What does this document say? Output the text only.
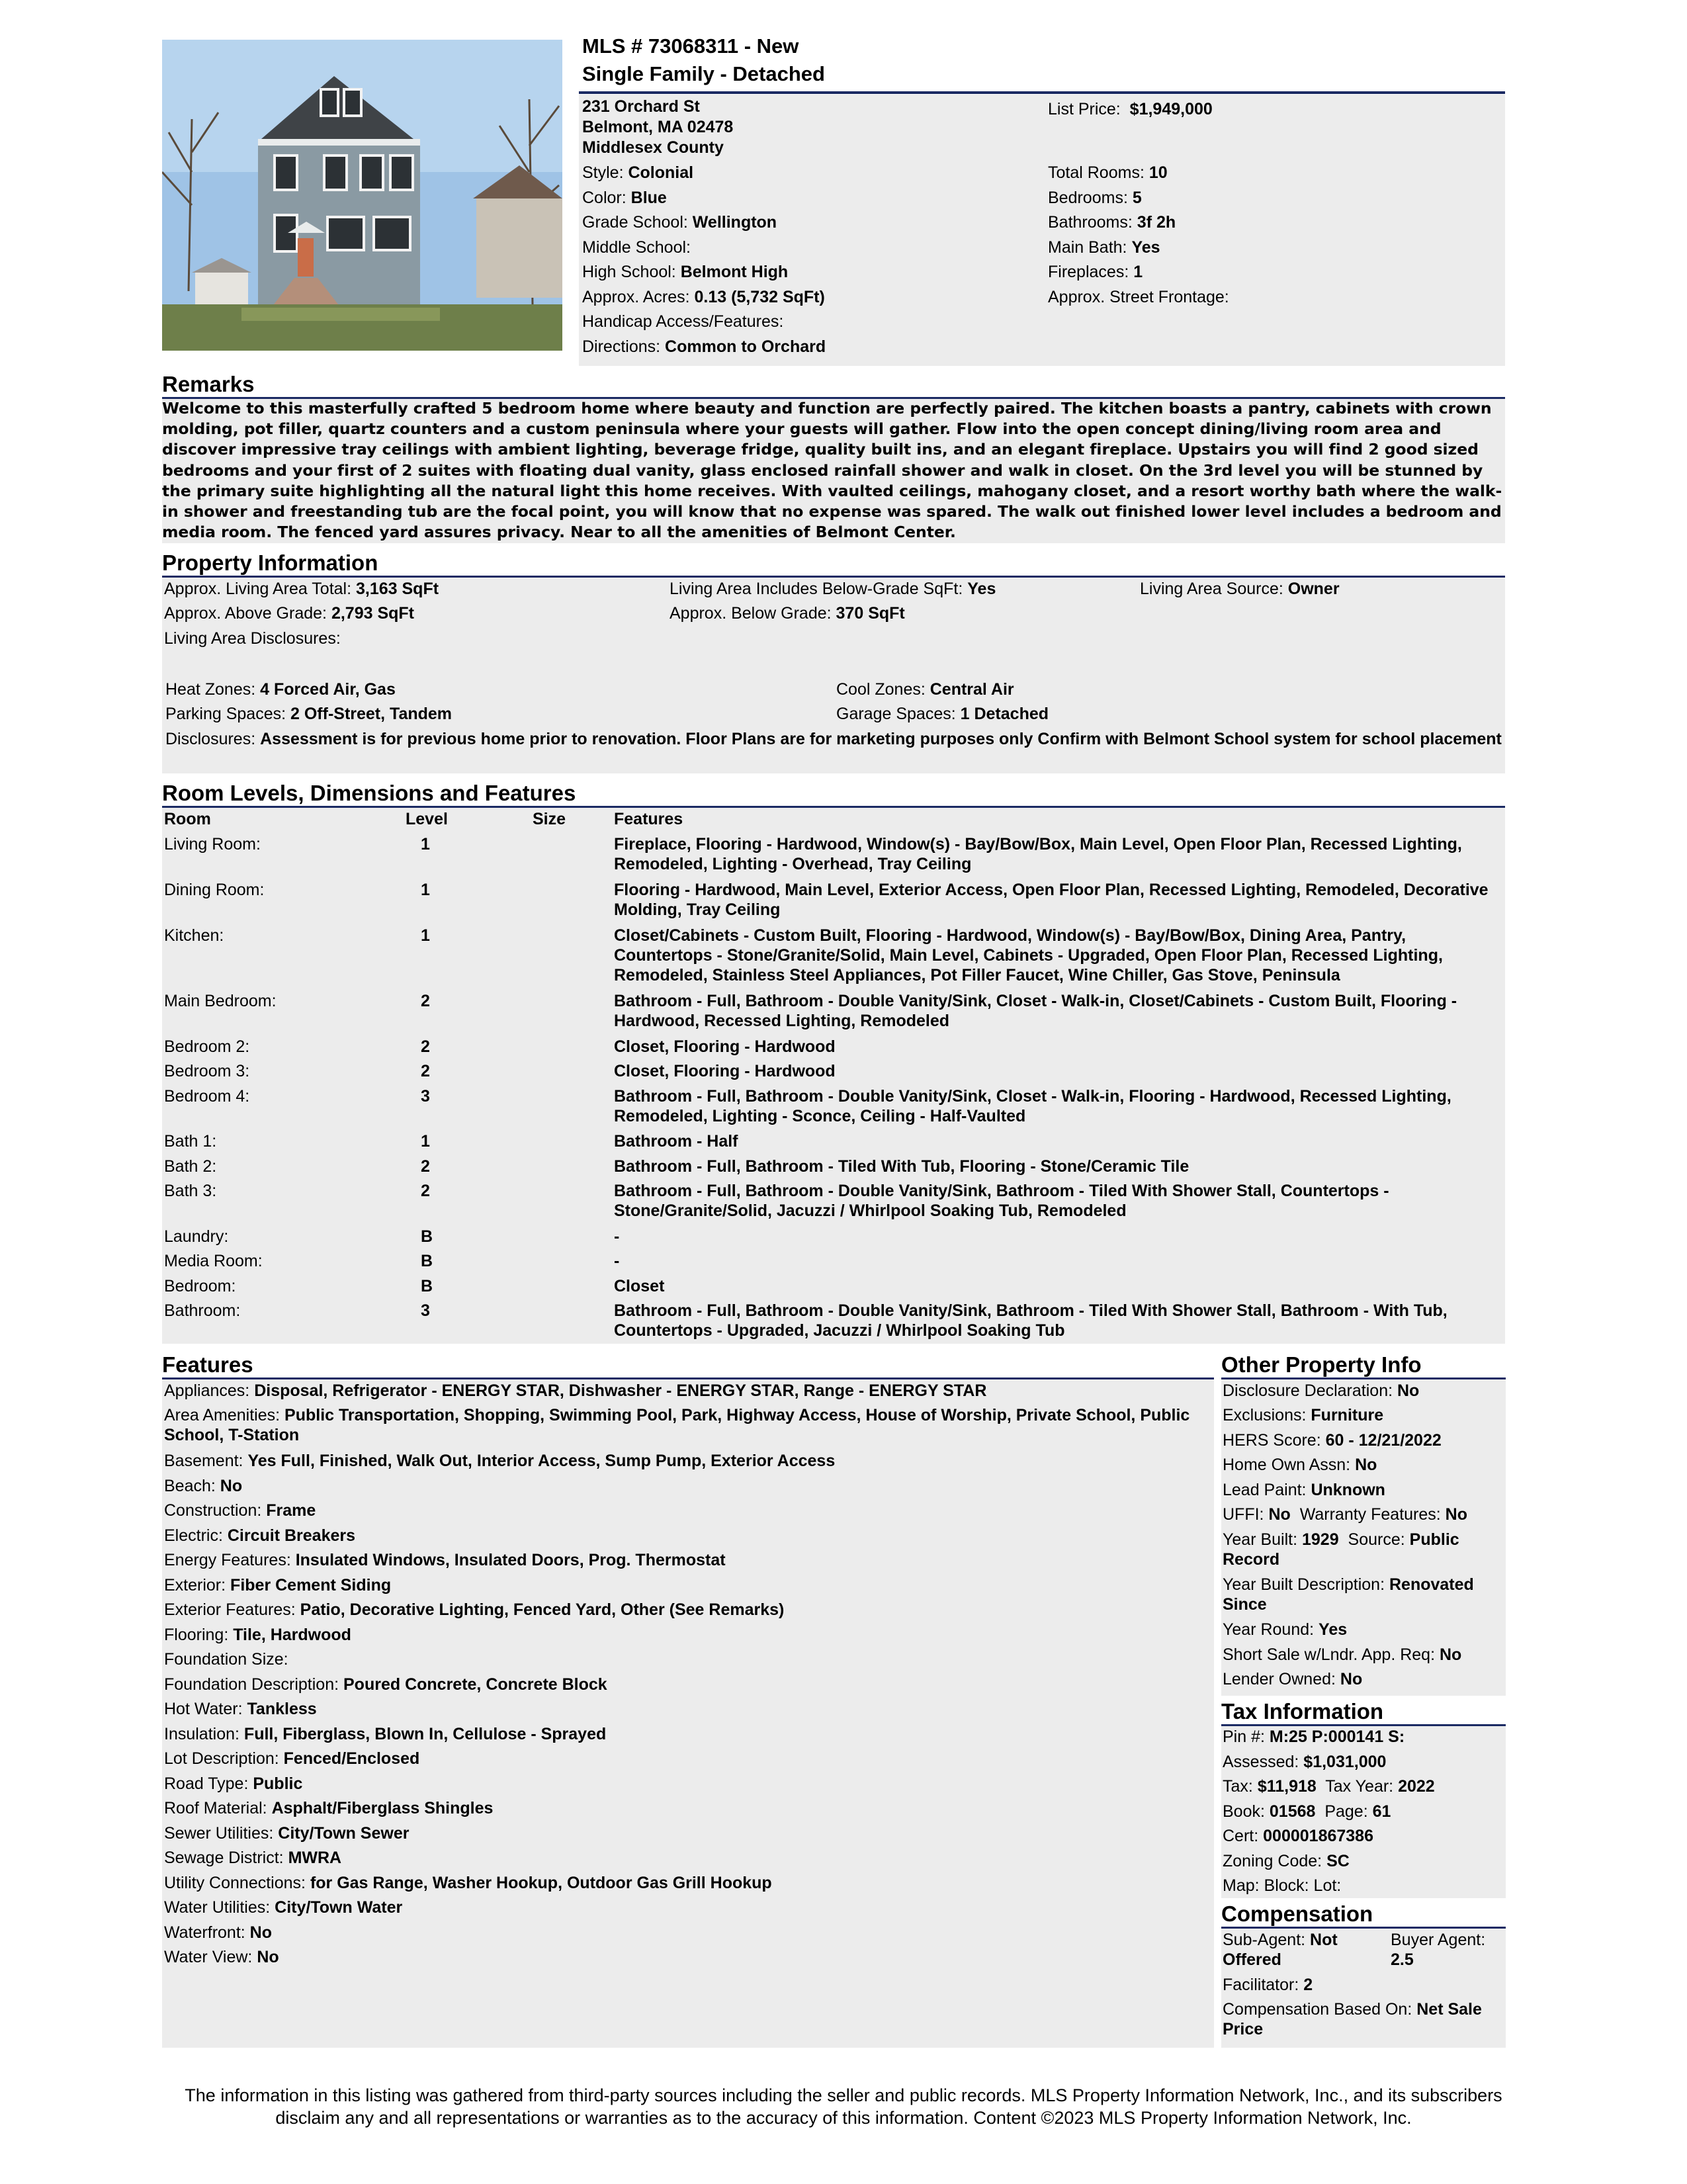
MLS # 73068311 - New
Single Family - Detached
231 Orchard St
Belmont, MA 02478
Middlesex County
List Price: $1,949,000
Style: Colonial
Color: Blue
Grade School: Wellington
Middle School:
High School: Belmont High
Approx. Acres: 0.13 (5,732 SqFt)
Handicap Access/Features:
Directions: Common to Orchard
Total Rooms: 10
Bedrooms: 5
Bathrooms: 3f 2h
Main Bath: Yes
Fireplaces: 1
Approx. Street Frontage:
Remarks
Welcome to this masterfully crafted 5 bedroom home where beauty and function are perfectly paired. The kitchen boasts a pantry, cabinets with crown molding, pot filler, quartz counters and a custom peninsula where your guests will gather. Flow into the open concept dining/living room area and discover impressive tray ceilings with ambient lighting, beverage fridge, quality built ins, and an elegant fireplace. Upstairs you will find 2 good sized bedrooms and your first of 2 suites with floating dual vanity, glass enclosed rainfall shower and walk in closet. On the 3rd level you will be stunned by the primary suite highlighting all the natural light this home receives. With vaulted ceilings, mahogany closet, and a resort worthy bath where the walk-in shower and freestanding tub are the focal point, you will know that no expense was spared. The walk out finished lower level includes a bedroom and media room. The fenced yard assures privacy. Near to all the amenities of Belmont Center.
Property Information
Approx. Living Area Total: 3,163 SqFt	Living Area Includes Below-Grade SqFt: Yes	Living Area Source: Owner
Approx. Above Grade: 2,793 SqFt	Approx. Below Grade: 370 SqFt
Living Area Disclosures:
Heat Zones: 4 Forced Air, Gas	Cool Zones: Central Air
Parking Spaces: 2 Off-Street, Tandem	Garage Spaces: 1 Detached
Disclosures: Assessment is for previous home prior to renovation. Floor Plans are for marketing purposes only Confirm with Belmont School system for school placement
Room Levels, Dimensions and Features
Room	Level	Size	Features
Living Room:	1	Fireplace, Flooring - Hardwood, Window(s) - Bay/Bow/Box, Main Level, Open Floor Plan, Recessed Lighting, Remodeled, Lighting - Overhead, Tray Ceiling
Dining Room:	1	Flooring - Hardwood, Main Level, Exterior Access, Open Floor Plan, Recessed Lighting, Remodeled, Decorative Molding, Tray Ceiling
Kitchen:	1	Closet/Cabinets - Custom Built, Flooring - Hardwood, Window(s) - Bay/Bow/Box, Dining Area, Pantry, Countertops - Stone/Granite/Solid, Main Level, Cabinets - Upgraded, Open Floor Plan, Recessed Lighting, Remodeled, Stainless Steel Appliances, Pot Filler Faucet, Wine Chiller, Gas Stove, Peninsula
Main Bedroom:	2	Bathroom - Full, Bathroom - Double Vanity/Sink, Closet - Walk-in, Closet/Cabinets - Custom Built, Flooring - Hardwood, Recessed Lighting, Remodeled
Bedroom 2:	2	Closet, Flooring - Hardwood
Bedroom 3:	2	Closet, Flooring - Hardwood
Bedroom 4:	3	Bathroom - Full, Bathroom - Double Vanity/Sink, Closet - Walk-in, Flooring - Hardwood, Recessed Lighting, Remodeled, Lighting - Sconce, Ceiling - Half-Vaulted
Bath 1:	1	Bathroom - Half
Bath 2:	2	Bathroom - Full, Bathroom - Tiled With Tub, Flooring - Stone/Ceramic Tile
Bath 3:	2	Bathroom - Full, Bathroom - Double Vanity/Sink, Bathroom - Tiled With Shower Stall, Countertops - Stone/Granite/Solid, Jacuzzi / Whirlpool Soaking Tub, Remodeled
Laundry:	B	-
Media Room:	B	-
Bedroom:	B	Closet
Bathroom:	3	Bathroom - Full, Bathroom - Double Vanity/Sink, Bathroom - Tiled With Shower Stall, Bathroom - With Tub, Countertops - Upgraded, Jacuzzi / Whirlpool Soaking Tub
Features
Appliances: Disposal, Refrigerator - ENERGY STAR, Dishwasher - ENERGY STAR, Range - ENERGY STAR
Area Amenities: Public Transportation, Shopping, Swimming Pool, Park, Highway Access, House of Worship, Private School, Public School, T-Station
Basement: Yes Full, Finished, Walk Out, Interior Access, Sump Pump, Exterior Access
Beach: No
Construction: Frame
Electric: Circuit Breakers
Energy Features: Insulated Windows, Insulated Doors, Prog. Thermostat
Exterior: Fiber Cement Siding
Exterior Features: Patio, Decorative Lighting, Fenced Yard, Other (See Remarks)
Flooring: Tile, Hardwood
Foundation Size:
Foundation Description: Poured Concrete, Concrete Block
Hot Water: Tankless
Insulation: Full, Fiberglass, Blown In, Cellulose - Sprayed
Lot Description: Fenced/Enclosed
Road Type: Public
Roof Material: Asphalt/Fiberglass Shingles
Sewer Utilities: City/Town Sewer
Sewage District: MWRA
Utility Connections: for Gas Range, Washer Hookup, Outdoor Gas Grill Hookup
Water Utilities: City/Town Water
Waterfront: No
Water View: No
Other Property Info
Disclosure Declaration: No
Exclusions: Furniture
HERS Score: 60 - 12/21/2022
Home Own Assn: No
Lead Paint: Unknown
UFFI: No Warranty Features: No
Year Built: 1929 Source: Public
Record
Year Built Description: Renovated
Since
Year Round: Yes
Short Sale w/Lndr. App. Req: No
Lender Owned: No
Tax Information
Pin #: M:25 P:000141 S:
Assessed: $1,031,000
Tax: $11,918 Tax Year: 2022
Book: 01568 Page: 61
Cert: 000001867386
Zoning Code: SC
Map: Block: Lot:
Compensation
Sub-Agent: Not
Offered
Buyer Agent:
2.5
Facilitator: 2
Compensation Based On: Net Sale
Price
The information in this listing was gathered from third-party sources including the seller and public records. MLS Property Information Network, Inc., and its subscribers
disclaim any and all representations or warranties as to the accuracy of this information. Content ©2023 MLS Property Information Network, Inc.
